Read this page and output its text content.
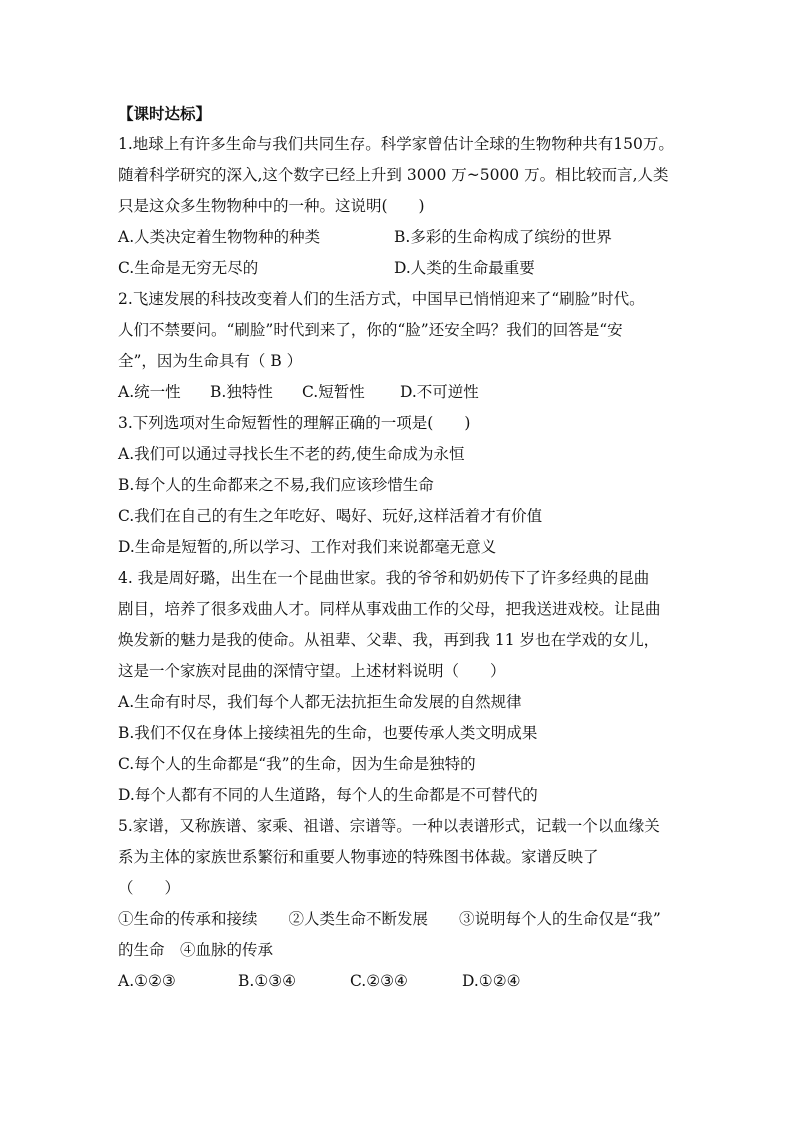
【课时达标】
1.地球上有许多生命与我们共同生存。科学家曾估计全球的生物物种共有150万。
随着科学研究的深入,这个数字已经上升到 3000 万~5000 万。相比较而言,人类
只是这众多生物物种中的一种。这说明(　　)
A.人类决定着生物物种的种类	B.多彩的生命构成了缤纷的世界
C.生命是无穷无尽的	D.人类的生命最重要
2.飞速发展的科技改变着人们的生活方式，中国早已悄悄迎来了“刷脸”时代。
人们不禁要问。“刷脸”时代到来了，你的“脸”还安全吗？我们的回答是“安
全”，因为生命具有（ B ）
A.统一性	B.独特性	C.短暂性	D.不可逆性
3.下列选项对生命短暂性的理解正确的一项是(　　)
A.我们可以通过寻找长生不老的药,使生命成为永恒
B.每个人的生命都来之不易,我们应该珍惜生命
C.我们在自己的有生之年吃好、喝好、玩好,这样活着才有价值
D.生命是短暂的,所以学习、工作对我们来说都毫无意义
4. 我是周好璐，出生在一个昆曲世家。我的爷爷和奶奶传下了许多经典的昆曲
剧目，培养了很多戏曲人才。同样从事戏曲工作的父母，把我送进戏校。让昆曲
焕发新的魅力是我的使命。从祖辈、父辈、我，再到我 11 岁也在学戏的女儿，
这是一个家族对昆曲的深情守望。上述材料说明（　　）
A.生命有时尽，我们每个人都无法抗拒生命发展的自然规律
B.我们不仅在身体上接续祖先的生命，也要传承人类文明成果
C.每个人的生命都是“我”的生命，因为生命是独特的
D.每个人都有不同的人生道路，每个人的生命都是不可替代的
5.家谱，又称族谱、家乘、祖谱、宗谱等。一种以表谱形式，记载一个以血缘关
系为主体的家族世系繁衍和重要人物事迹的特殊图书体裁。家谱反映了
（　　）
①生命的传承和接续　　②人类生命不断发展　　③说明每个人的生命仅是“我”
的生命　④血脉的传承
A.①②③	B.①③④	C.②③④	D.①②④
